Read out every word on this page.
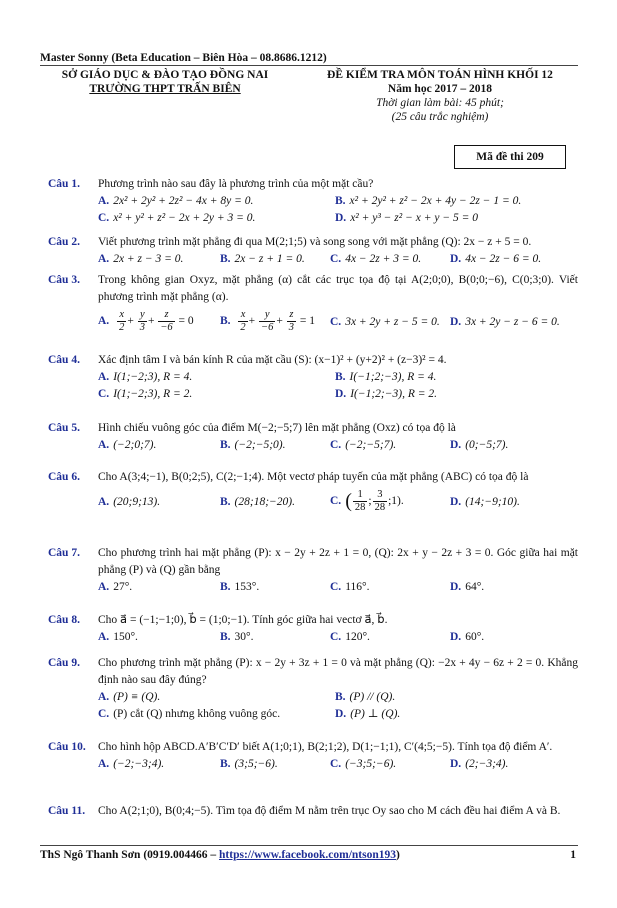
Master Sonny (Beta Education – Biên Hòa – 08.8686.1212)
SỞ GIÁO DỤC & ĐÀO TẠO ĐỒNG NAI
TRƯỜNG THPT TRẤN BIÊN
ĐỀ KIỂM TRA MÔN TOÁN HÌNH KHỐI 12
Năm học 2017 – 2018
Thời gian làm bài: 45 phút;
(25 câu trắc nghiệm)
Mã đề thi 209
Câu 1. Phương trình nào sau đây là phương trình của một mặt cầu?
A. 2x² + 2y² + 2z² − 4x + 8y = 0.	B. x² + 2y² + z² − 2x + 4y − 2z − 1 = 0.
C. x² + y² + z² − 2x + 2y + 3 = 0.	D. x² + y³ − z² − x + y − 5 = 0
Câu 2. Viết phương trình mặt phẳng đi qua M(2;1;5) và song song với mặt phẳng (Q): 2x − z + 5 = 0.
A. 2x + z − 3 = 0.	B. 2x − z + 1 = 0. C. 4x − 2z + 3 = 0.	D. 4x − 2z − 6 = 0.
Câu 3. Trong không gian Oxyz, mặt phẳng (α) cắt các trục tọa độ tại A(2;0;0), B(0;0;−6), C(0;3;0). Viết phương trình mặt phẳng (α).
A. $\frac{x}{2} + \frac{y}{3} + \frac{z}{-6} = 0$ B. $\frac{x}{2} + \frac{y}{-6} + \frac{z}{3} = 1$ C. 3x + 2y + z − 5 = 0. D. 3x + 2y − z − 6 = 0.
Câu 4. Xác định tâm I và bán kính R của mặt cầu (S): (x−1)² + (y+2)² + (z−3)² = 4.
A. I(1;−2;3), R = 4.	B. I(−1;2;−3), R = 4.
C. I(1;−2;3), R = 2.	D. I(−1;2;−3), R = 2.
Câu 5. Hình chiếu vuông góc của điểm M(−2;−5;7) lên mặt phẳng (Oxz) có tọa độ là
A. (−2;0;7).	B. (−2;−5;0).	C. (−2;−5;7).	D. (0;−5;7).
Câu 6. Cho A(3;4;−1), B(0;2;5), C(2;−1;4). Một vectơ pháp tuyến của mặt phẳng (ABC) có tọa độ là
A. (20;9;13).	B. (28;18;−20).	C. ( $\frac{1}{28}$ ; $\frac{3}{28}$ ;1).	D. (14;−9;10).
Câu 7. Cho phương trình hai mặt phẳng (P): x − 2y + 2z + 1 = 0, (Q): 2x + y − 2z + 3 = 0. Góc giữa hai mặt phẳng (P) và (Q) gần bằng
A. 27°.	B. 153°.	C. 116°.	D. 64°.
Câu 8. Cho a⃗ = (−1;−1;0), b⃗ = (1;0;−1). Tính góc giữa hai vectơ a⃗, b⃗.
A. 150°.	B. 30°.	C. 120°.	D. 60°.
Câu 9. Cho phương trình mặt phẳng (P): x − 2y + 3z + 1 = 0 và mặt phẳng (Q): −2x + 4y − 6z + 2 = 0. Khẳng định nào sau đây đúng?
A. (P) ≡ (Q).	B. (P) // (Q).
C. (P) cắt (Q) nhưng không vuông góc.	D. (P) ⊥ (Q).
Câu 10. Cho hình hộp ABCD.A′B′C′D′ biết A(1;0;1), B(2;1;2), D(1;−1;1), C′(4;5;−5). Tính tọa độ điểm A′.
A. (−2;−3;4).	B. (3;5;−6).	C. (−3;5;−6).	D. (2;−3;4).
Câu 11. Cho A(2;1;0), B(0;4;−5). Tìm tọa độ điểm M nằm trên trục Oy sao cho M cách đều hai điểm A và B.
ThS Ngô Thanh Sơn (0919.004466 – https://www.facebook.com/ntson193)	1
